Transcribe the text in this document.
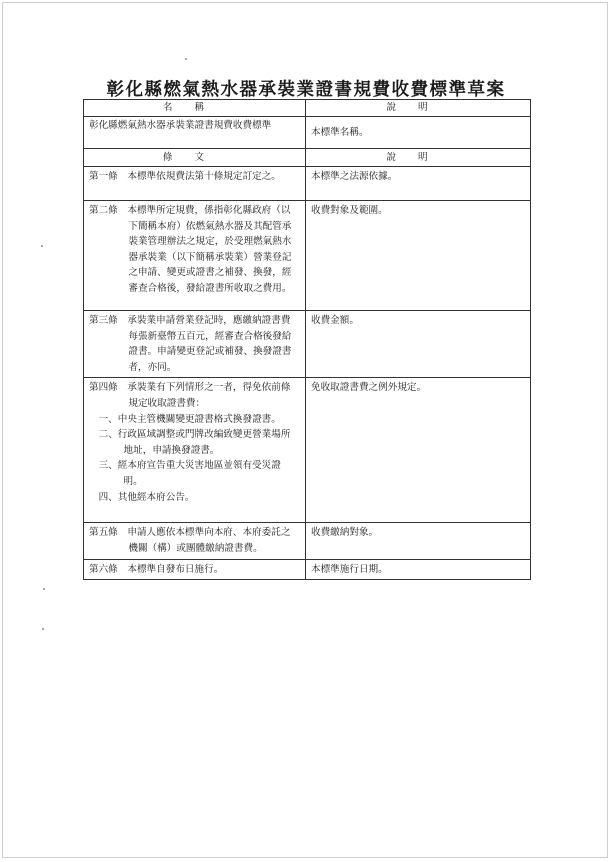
彰化縣燃氣熱水器承裝業證書規費收費標準草案
名稱	說明
彰化縣燃氣熱水器承裝業證書規費收費標準	本標準名稱。
條文	說明
第一條　 本標準依規費法第十條規定訂定之。	本標準之法源依據。
第二條　 本標準所定規費，係指彰化縣政府（以下簡稱本府）依燃氣熱水器及其配管承裝業管理辦法之規定，於受理燃氣熱水器承裝業（以下簡稱承裝業）營業登記之申請、變更或證書之補發、換發，經審查合格後，發給證書所收取之費用。	收費對象及範圍。
第三條　 承裝業申請營業登記時，應繳納證書費每張新臺幣五百元，經審查合格後發給證書。申請變更登記或補發、換發證書者，亦同。	收費金額。
第四條　 承裝業有下列情形之一者，得免依前條規定收取證書費：
一、中央主管機關變更證書格式換發證書。
二、行政區域調整或門牌改編致變更營業場所地址，申請換發證書。
三、經本府宣告重大災害地區並領有受災證明。
四、其他經本府公告。	免收取證書費之例外規定。
第五條　 申請人應依本標準向本府、本府委託之機關（構）或團體繳納證書費。	收費繳納對象。
第六條　 本標準自發布日施行。	本標準施行日期。
